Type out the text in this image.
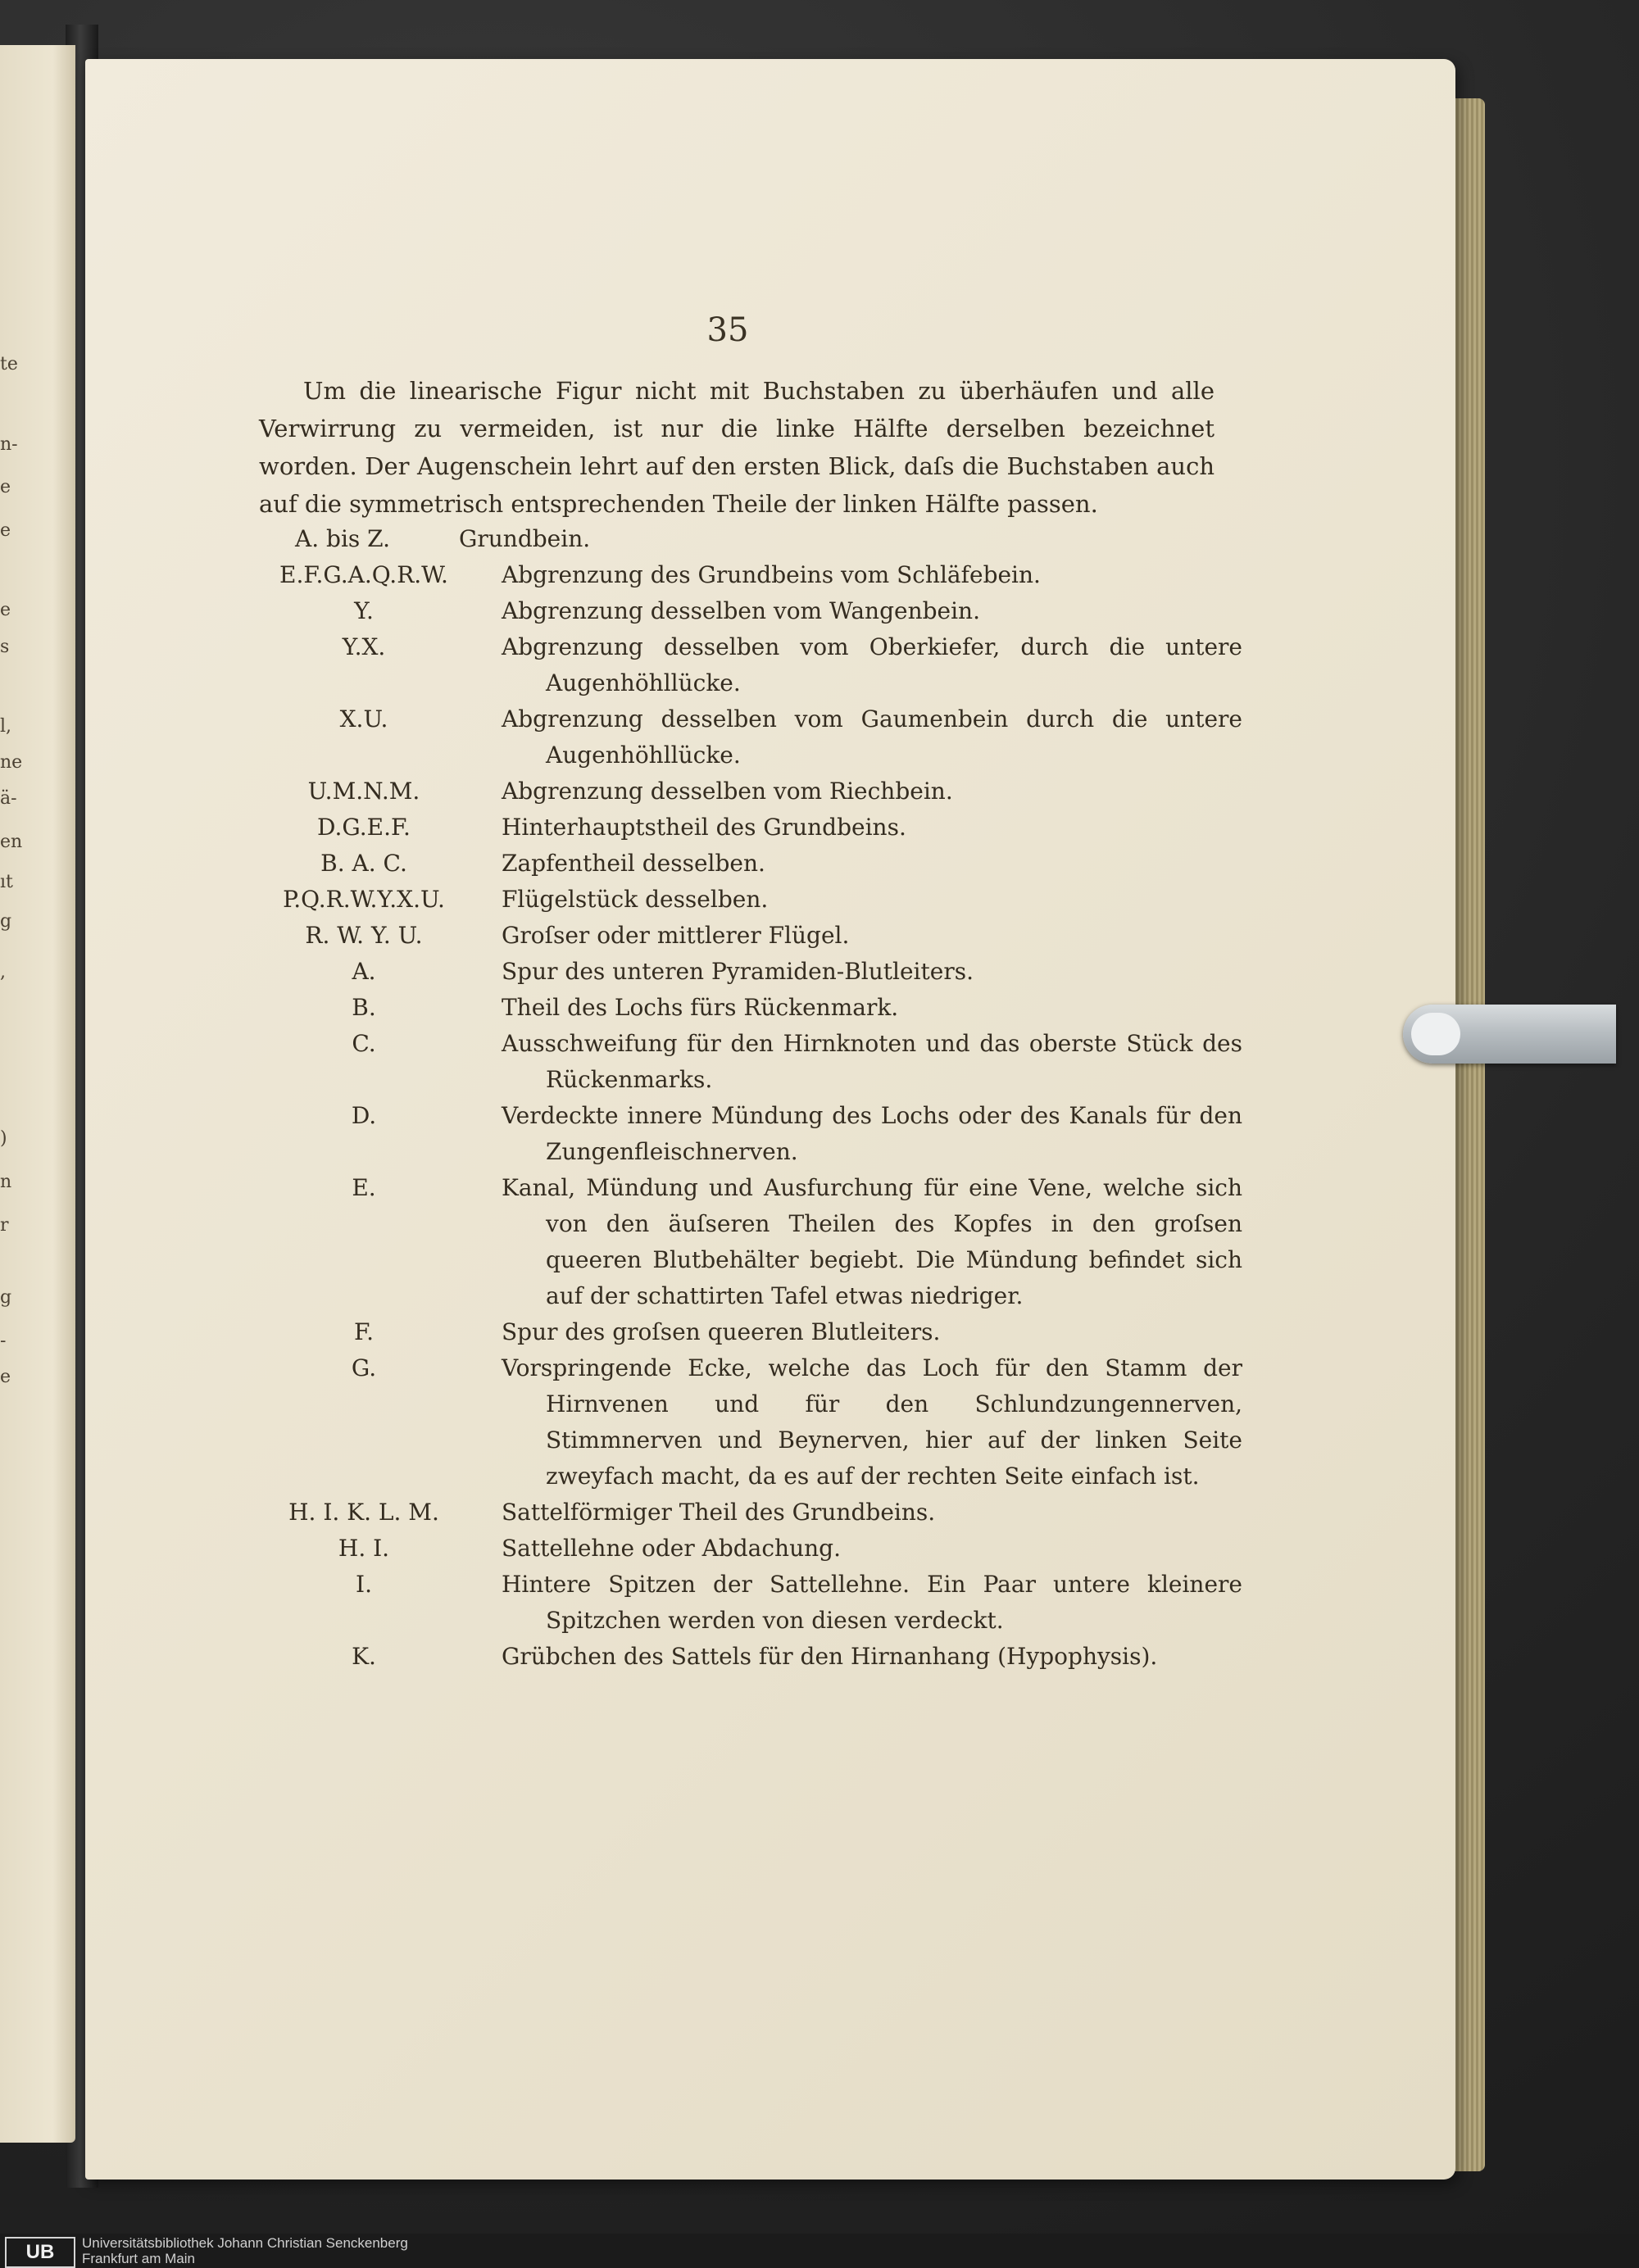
te
n-
e
e
e
s
l,
ne
ä-
en
ıt
g
,
)
n
r
g
-
e
35

Um die linearische Figur nicht mit Buchstaben zu überhäufen und alle Verwirrung zu vermeiden, ist nur die linke Hälfte derselben bezeichnet worden. Der Augenschein lehrt auf den ersten Blick, daſs die Buchstaben auch auf die symmetrisch entsprechenden Theile der linken Hälfte passen.

A. bis Z.	Grundbein.
E.F.G.A.Q.R.W.	Abgrenzung des Grundbeins vom Schläfebein.
Y.	Abgrenzung desselben vom Wangenbein.
Y.X.	Abgrenzung desselben vom Oberkiefer, durch die untere Augenhöhllücke.
X.U.	Abgrenzung desselben vom Gaumenbein durch die untere Augenhöhllücke.
U.M.N.M.	Abgrenzung desselben vom Riechbein.
D.G.E.F.	Hinterhauptstheil des Grundbeins.
B. A. C.	Zapfentheil desselben.
P.Q.R.W.Y.X.U.	Flügelstück desselben.
R. W. Y. U.	Groſser oder mittlerer Flügel.
A.	Spur des unteren Pyramiden-Blutleiters.
B.	Theil des Lochs fürs Rückenmark.
C.	Ausschweifung für den Hirnknoten und das oberste Stück des Rückenmarks.
D.	Verdeckte innere Mündung des Lochs oder des Kanals für den Zungenfleischnerven.
E.	Kanal, Mündung und Ausfurchung für eine Vene, welche sich von den äuſseren Theilen des Kopfes in den groſsen queeren Blutbehälter begiebt. Die Mündung befindet sich auf der schattirten Tafel etwas niedriger.
F.	Spur des groſsen queeren Blutleiters.
G.	Vorspringende Ecke, welche das Loch für den Stamm der Hirnvenen und für den Schlundzungennerven, Stimmnerven und Beynerven, hier auf der linken Seite zweyfach macht, da es auf der rechten Seite einfach ist.
H. I. K. L. M.	Sattelförmiger Theil des Grundbeins.
H. I.	Sattellehne oder Abdachung.
I.	Hintere Spitzen der Sattellehne. Ein Paar untere kleinere Spitzchen werden von diesen verdeckt.
K.	Grübchen des Sattels für den Hirnanhang (Hypophysis).
UB	Universitätsbibliothek Johann Christian Senckenberg
Frankfurt am Main
